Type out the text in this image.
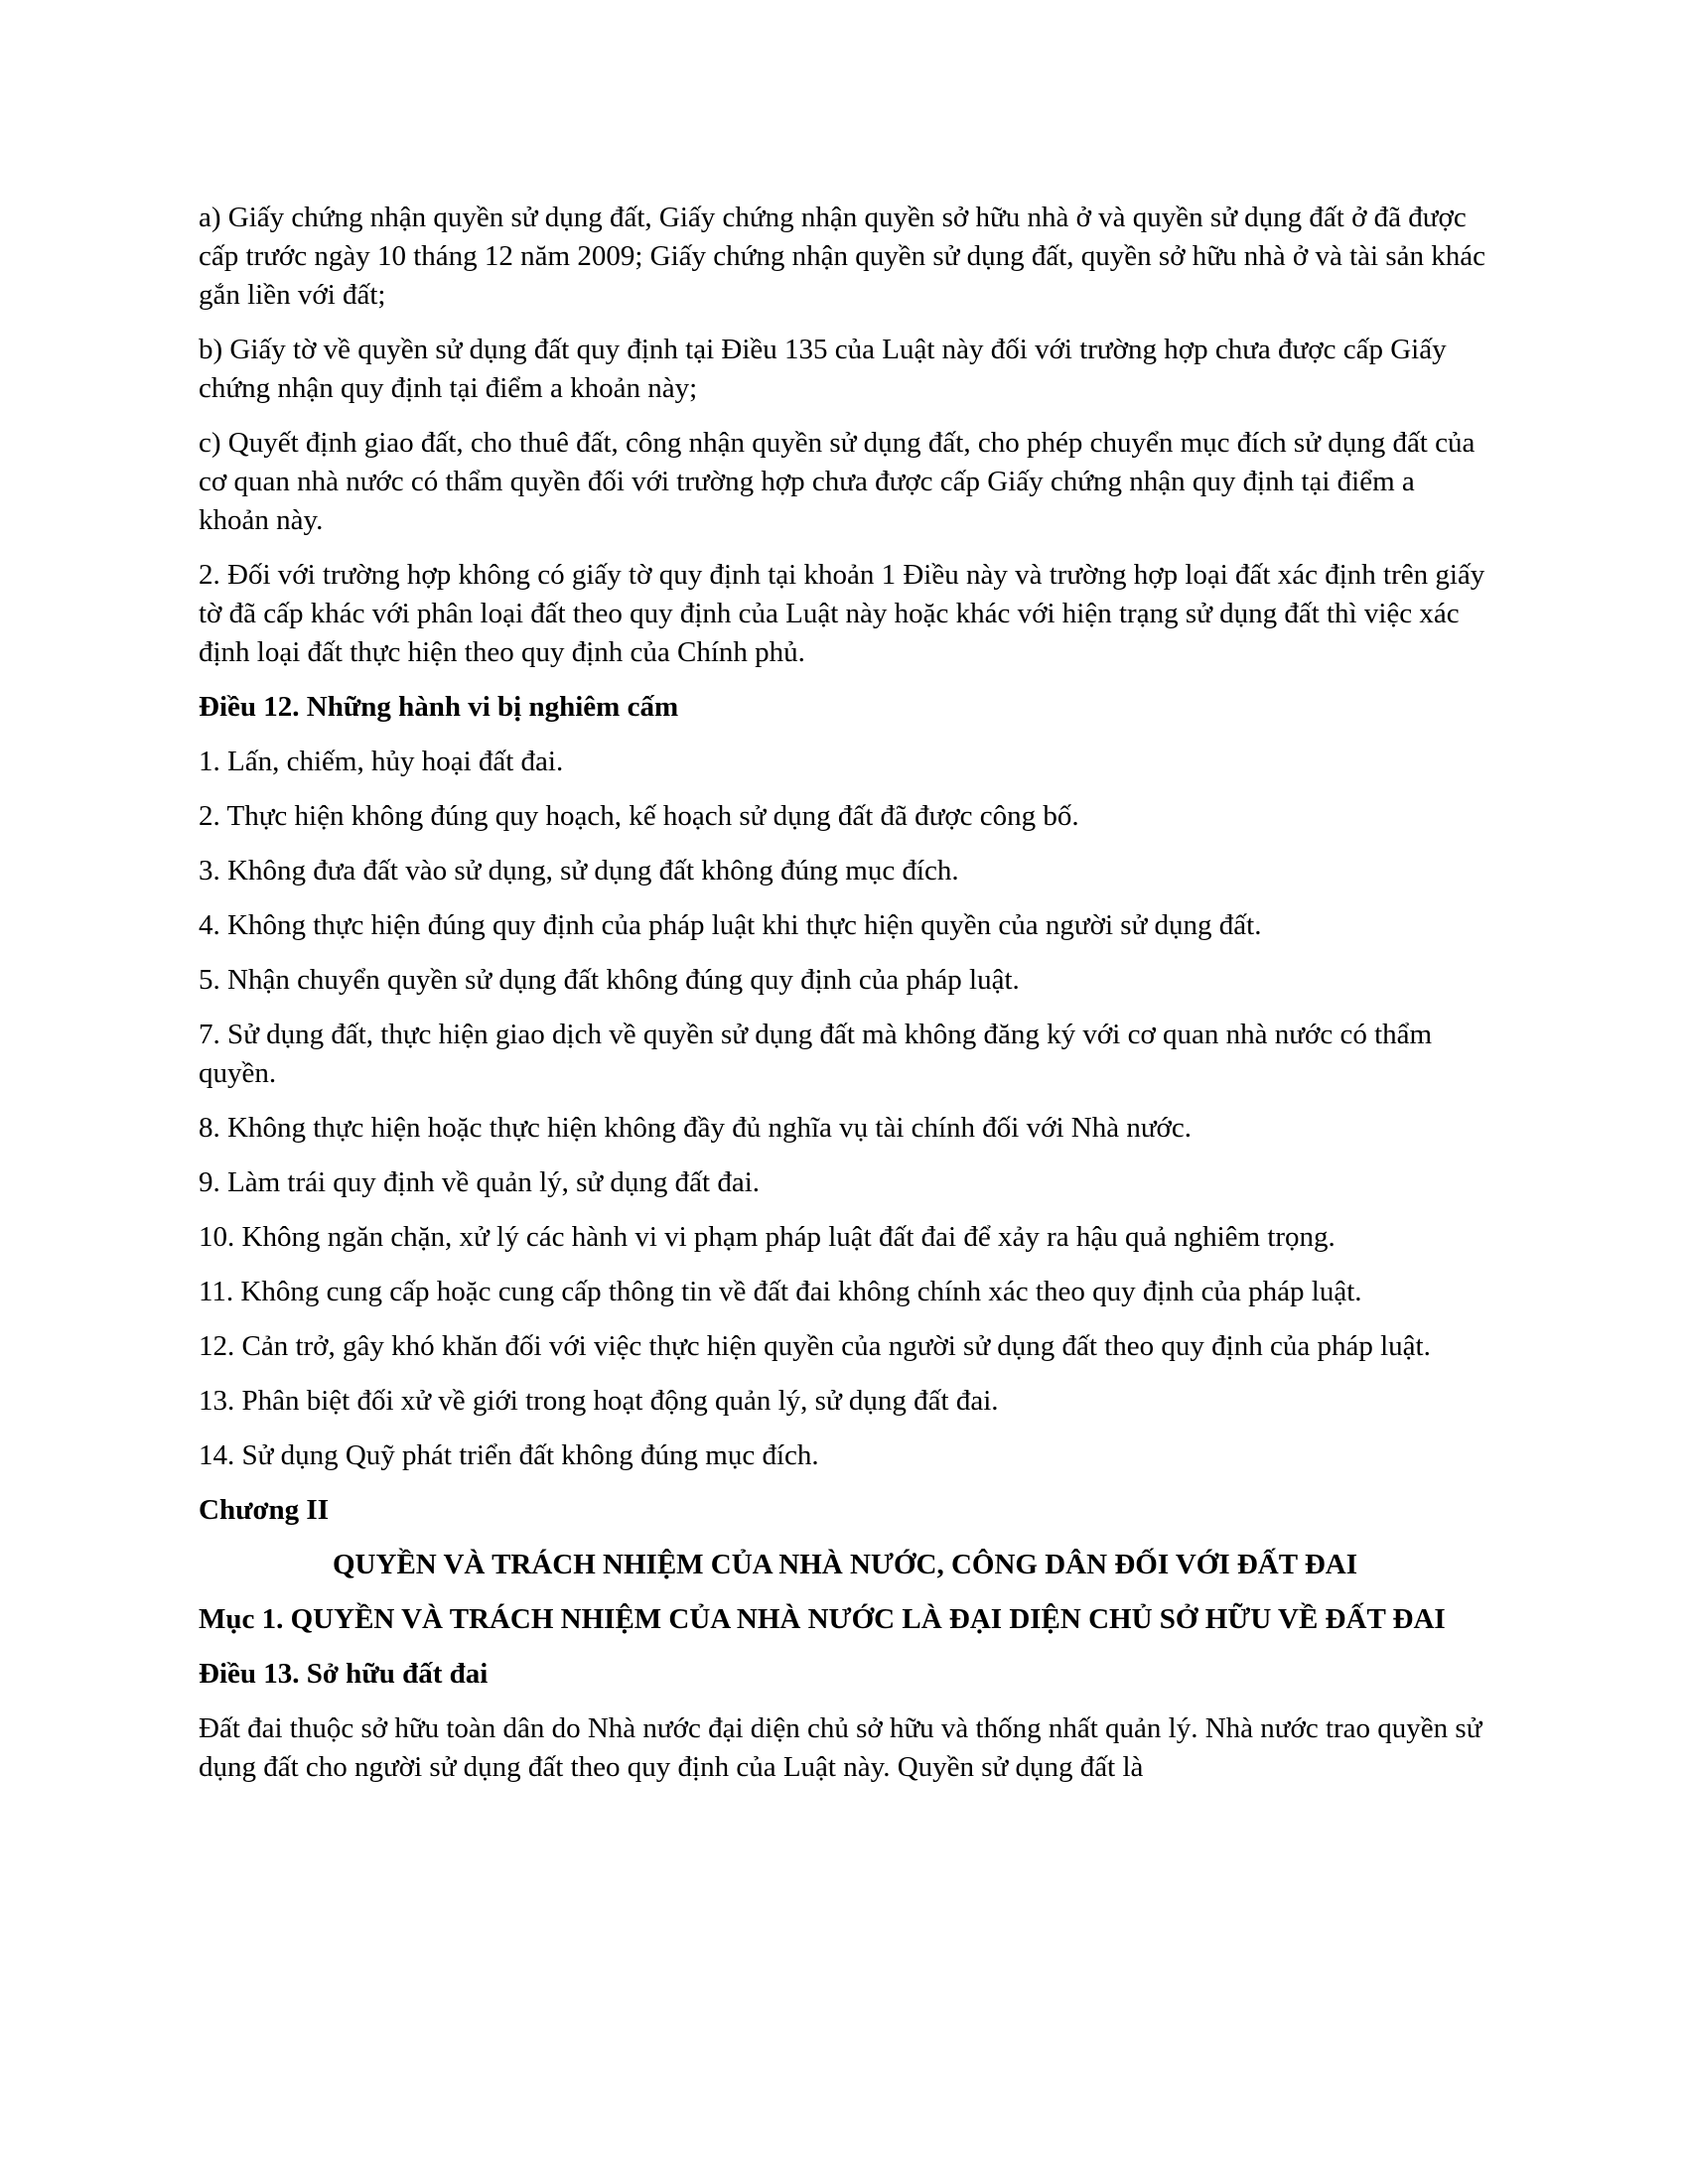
a) Giấy chứng nhận quyền sử dụng đất, Giấy chứng nhận quyền sở hữu nhà ở và quyền sử dụng đất ở đã được cấp trước ngày 10 tháng 12 năm 2009; Giấy chứng nhận quyền sử dụng đất, quyền sở hữu nhà ở và tài sản khác gắn liền với đất;

b) Giấy tờ về quyền sử dụng đất quy định tại Điều 135 của Luật này đối với trường hợp chưa được cấp Giấy chứng nhận quy định tại điểm a khoản này;

c) Quyết định giao đất, cho thuê đất, công nhận quyền sử dụng đất, cho phép chuyển mục đích sử dụng đất của cơ quan nhà nước có thẩm quyền đối với trường hợp chưa được cấp Giấy chứng nhận quy định tại điểm a khoản này.

2. Đối với trường hợp không có giấy tờ quy định tại khoản 1 Điều này và trường hợp loại đất xác định trên giấy tờ đã cấp khác với phân loại đất theo quy định của Luật này hoặc khác với hiện trạng sử dụng đất thì việc xác định loại đất thực hiện theo quy định của Chính phủ.

Điều 12. Những hành vi bị nghiêm cấm

1. Lấn, chiếm, hủy hoại đất đai.

2. Thực hiện không đúng quy hoạch, kế hoạch sử dụng đất đã được công bố.

3. Không đưa đất vào sử dụng, sử dụng đất không đúng mục đích.

4. Không thực hiện đúng quy định của pháp luật khi thực hiện quyền của người sử dụng đất.

5. Nhận chuyển quyền sử dụng đất không đúng quy định của pháp luật.

7. Sử dụng đất, thực hiện giao dịch về quyền sử dụng đất mà không đăng ký với cơ quan nhà nước có thẩm quyền.

8. Không thực hiện hoặc thực hiện không đầy đủ nghĩa vụ tài chính đối với Nhà nước.

9. Làm trái quy định về quản lý, sử dụng đất đai.

10. Không ngăn chặn, xử lý các hành vi vi phạm pháp luật đất đai để xảy ra hậu quả nghiêm trọng.

11. Không cung cấp hoặc cung cấp thông tin về đất đai không chính xác theo quy định của pháp luật.

12. Cản trở, gây khó khăn đối với việc thực hiện quyền của người sử dụng đất theo quy định của pháp luật.

13. Phân biệt đối xử về giới trong hoạt động quản lý, sử dụng đất đai.

14. Sử dụng Quỹ phát triển đất không đúng mục đích.

Chương II

QUYỀN VÀ TRÁCH NHIỆM CỦA NHÀ NƯỚC, CÔNG DÂN ĐỐI VỚI ĐẤT ĐAI

Mục 1. QUYỀN VÀ TRÁCH NHIỆM CỦA NHÀ NƯỚC LÀ ĐẠI DIỆN CHỦ SỞ HỮU VỀ ĐẤT ĐAI

Điều 13. Sở hữu đất đai

Đất đai thuộc sở hữu toàn dân do Nhà nước đại diện chủ sở hữu và thống nhất quản lý. Nhà nước trao quyền sử dụng đất cho người sử dụng đất theo quy định của Luật này. Quyền sử dụng đất là
